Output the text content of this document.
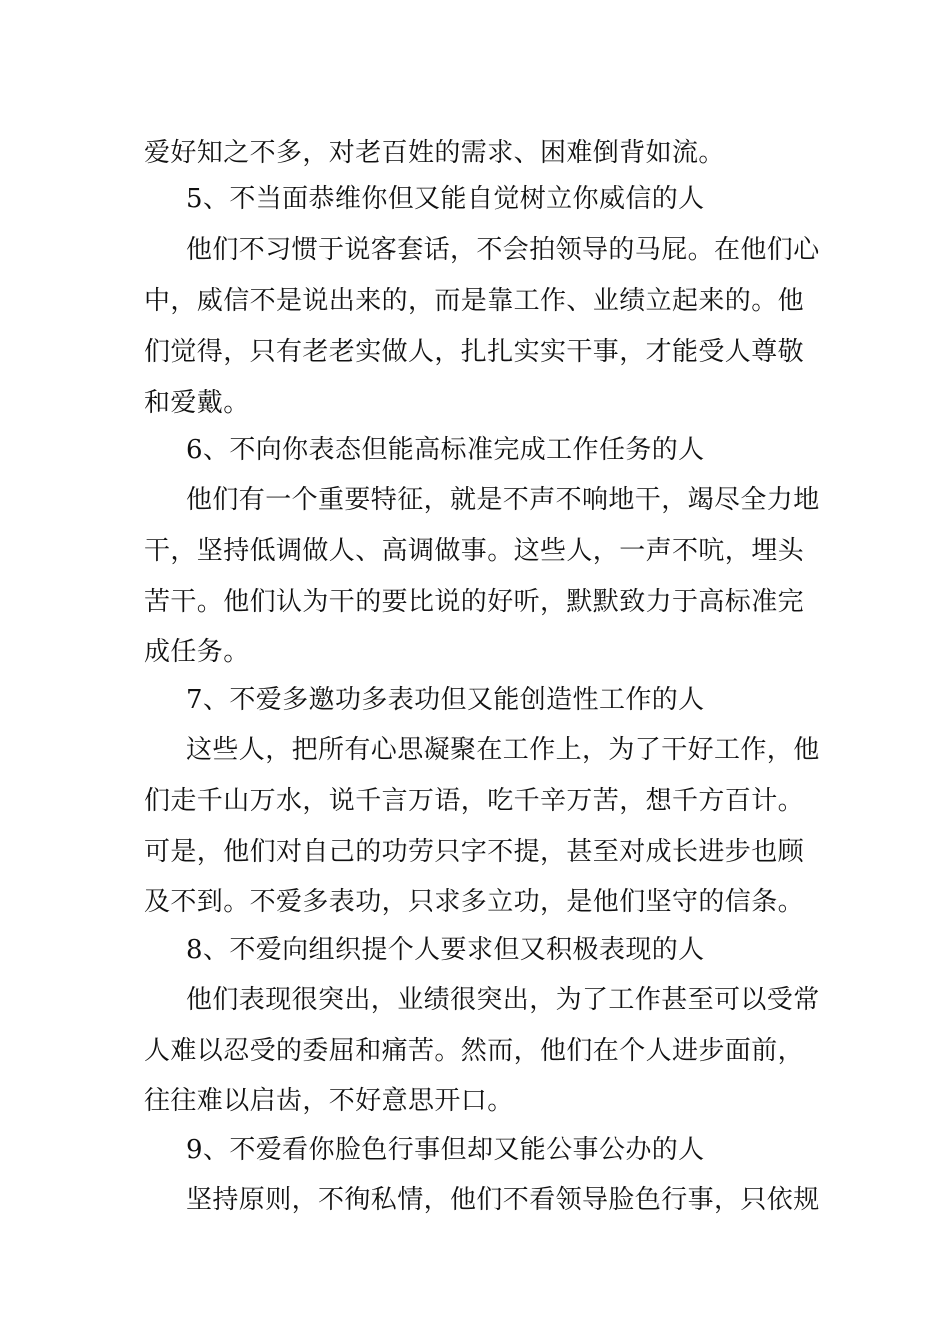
爱好知之不多，对老百姓的需求、困难倒背如流。
5、不当面恭维你但又能自觉树立你威信的人
他们不习惯于说客套话，不会拍领导的马屁。在他们心
中，威信不是说出来的，而是靠工作、业绩立起来的。他
们觉得，只有老老实做人，扎扎实实干事，才能受人尊敬
和爱戴。
6、不向你表态但能高标准完成工作任务的人
他们有一个重要特征，就是不声不响地干，竭尽全力地
干，坚持低调做人、高调做事。这些人，一声不吭，埋头
苦干。他们认为干的要比说的好听，默默致力于高标准完
成任务。
7、不爱多邀功多表功但又能创造性工作的人
这些人，把所有心思凝聚在工作上，为了干好工作，他
们走千山万水，说千言万语，吃千辛万苦，想千方百计。
可是，他们对自己的功劳只字不提，甚至对成长进步也顾
及不到。不爱多表功，只求多立功，是他们坚守的信条。
8、不爱向组织提个人要求但又积极表现的人
他们表现很突出，业绩很突出，为了工作甚至可以受常
人难以忍受的委屈和痛苦。然而，他们在个人进步面前，
往往难以启齿，不好意思开口。
9、不爱看你脸色行事但却又能公事公办的人
坚持原则，不徇私情，他们不看领导脸色行事，只依规
